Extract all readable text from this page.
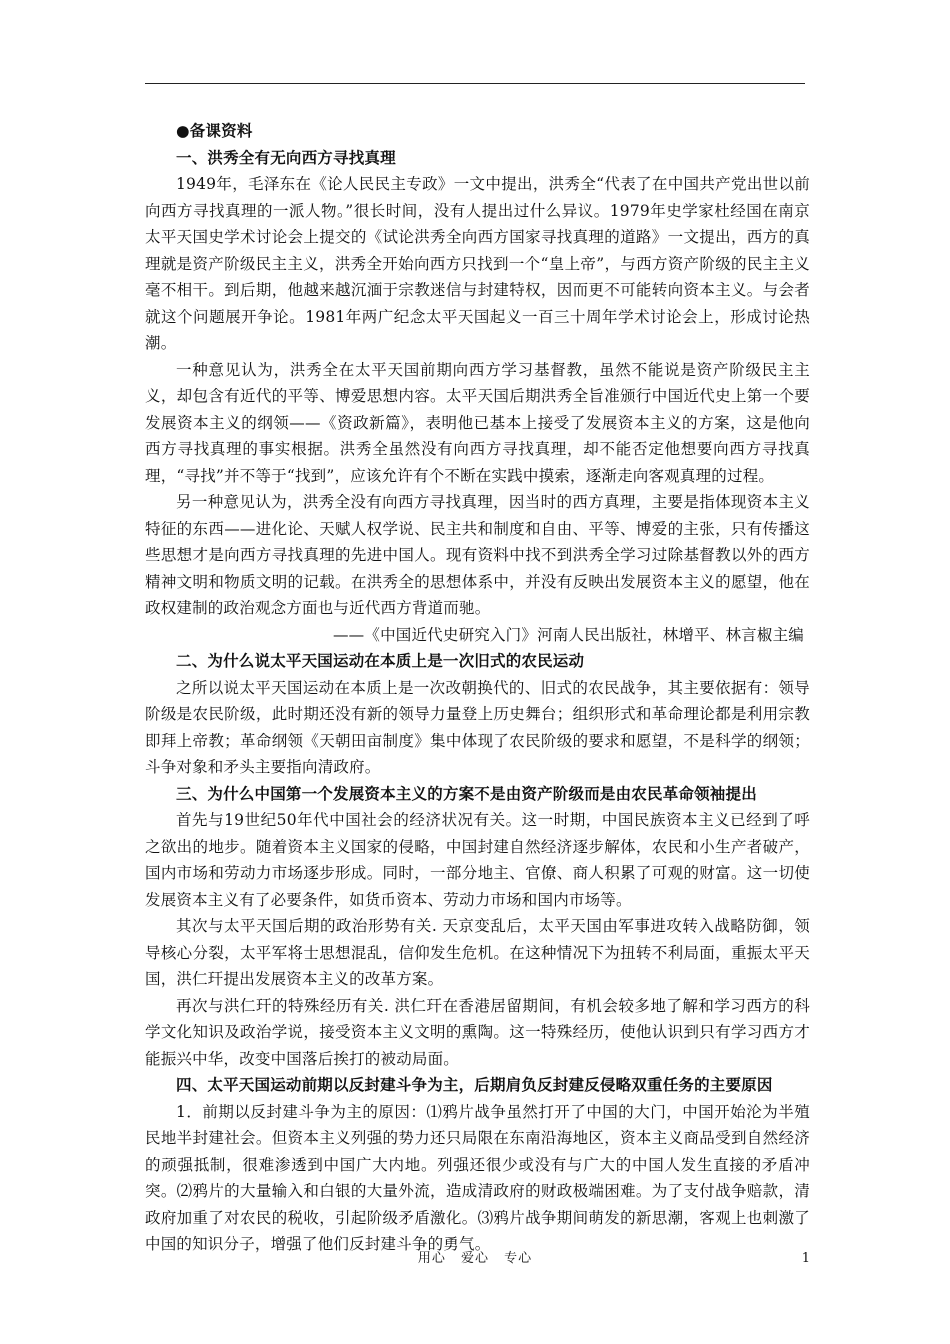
●备课资料

一、洪秀全有无向西方寻找真理

1949年，毛泽东在《论人民民主专政》一文中提出，洪秀全“代表了在中国共产党出世以前向西方寻找真理的一派人物。”很长时间，没有人提出过什么异议。1979年史学家杜经国在南京太平天国史学术讨论会上提交的《试论洪秀全向西方国家寻找真理的道路》一文提出，西方的真理就是资产阶级民主主义，洪秀全开始向西方只找到一个“皇上帝”，与西方资产阶级的民主主义毫不相干。到后期，他越来越沉湎于宗教迷信与封建特权，因而更不可能转向资本主义。与会者就这个问题展开争论。1981年两广纪念太平天国起义一百三十周年学术讨论会上，形成讨论热潮。

一种意见认为，洪秀全在太平天国前期向西方学习基督教，虽然不能说是资产阶级民主主义，却包含有近代的平等、博爱思想内容。太平天国后期洪秀全旨准颁行中国近代史上第一个要发展资本主义的纲领——《资政新篇》，表明他已基本上接受了发展资本主义的方案，这是他向西方寻找真理的事实根据。洪秀全虽然没有向西方寻找真理，却不能否定他想要向西方寻找真理，“寻找”并不等于“找到”，应该允许有个不断在实践中摸索，逐渐走向客观真理的过程。

另一种意见认为，洪秀全没有向西方寻找真理，因当时的西方真理，主要是指体现资本主义特征的东西——进化论、天赋人权学说、民主共和制度和自由、平等、博爱的主张，只有传播这些思想才是向西方寻找真理的先进中国人。现有资料中找不到洪秀全学习过除基督教以外的西方精神文明和物质文明的记载。在洪秀全的思想体系中，并没有反映出发展资本主义的愿望，他在政权建制的政治观念方面也与近代西方背道而驰。

——《中国近代史研究入门》河南人民出版社，林增平、林言椒主编

二、为什么说太平天国运动在本质上是一次旧式的农民运动

之所以说太平天国运动在本质上是一次改朝换代的、旧式的农民战争，其主要依据有：领导阶级是农民阶级，此时期还没有新的领导力量登上历史舞台；组织形式和革命理论都是利用宗教即拜上帝教；革命纲领《天朝田亩制度》集中体现了农民阶级的要求和愿望，不是科学的纲领；斗争对象和矛头主要指向清政府。

三、为什么中国第一个发展资本主义的方案不是由资产阶级而是由农民革命领袖提出

首先与19世纪50年代中国社会的经济状况有关。这一时期，中国民族资本主义已经到了呼之欲出的地步。随着资本主义国家的侵略，中国封建自然经济逐步解体，农民和小生产者破产，国内市场和劳动力市场逐步形成。同时，一部分地主、官僚、商人积累了可观的财富。这一切使发展资本主义有了必要条件，如货币资本、劳动力市场和国内市场等。

其次与太平天国后期的政治形势有关. 天京变乱后，太平天国由军事进攻转入战略防御，领导核心分裂，太平军将士思想混乱，信仰发生危机。在这种情况下为扭转不利局面，重振太平天国，洪仁玕提出发展资本主义的改革方案。

再次与洪仁玕的特殊经历有关. 洪仁玕在香港居留期间，有机会较多地了解和学习西方的科学文化知识及政治学说，接受资本主义文明的熏陶。这一特殊经历，使他认识到只有学习西方才能振兴中华，改变中国落后挨打的被动局面。

四、太平天国运动前期以反封建斗争为主，后期肩负反封建反侵略双重任务的主要原因

1．前期以反封建斗争为主的原因：⑴鸦片战争虽然打开了中国的大门，中国开始沦为半殖民地半封建社会。但资本主义列强的势力还只局限在东南沿海地区，资本主义商品受到自然经济的顽强抵制，很难渗透到中国广大内地。列强还很少或没有与广大的中国人发生直接的矛盾冲突。⑵鸦片的大量输入和白银的大量外流，造成清政府的财政极端困难。为了支付战争赔款，清政府加重了对农民的税收，引起阶级矛盾激化。⑶鸦片战争期间萌发的新思潮，客观上也刺激了中国的知识分子，增强了他们反封建斗争的勇气。

用心 爱心 专心	1
